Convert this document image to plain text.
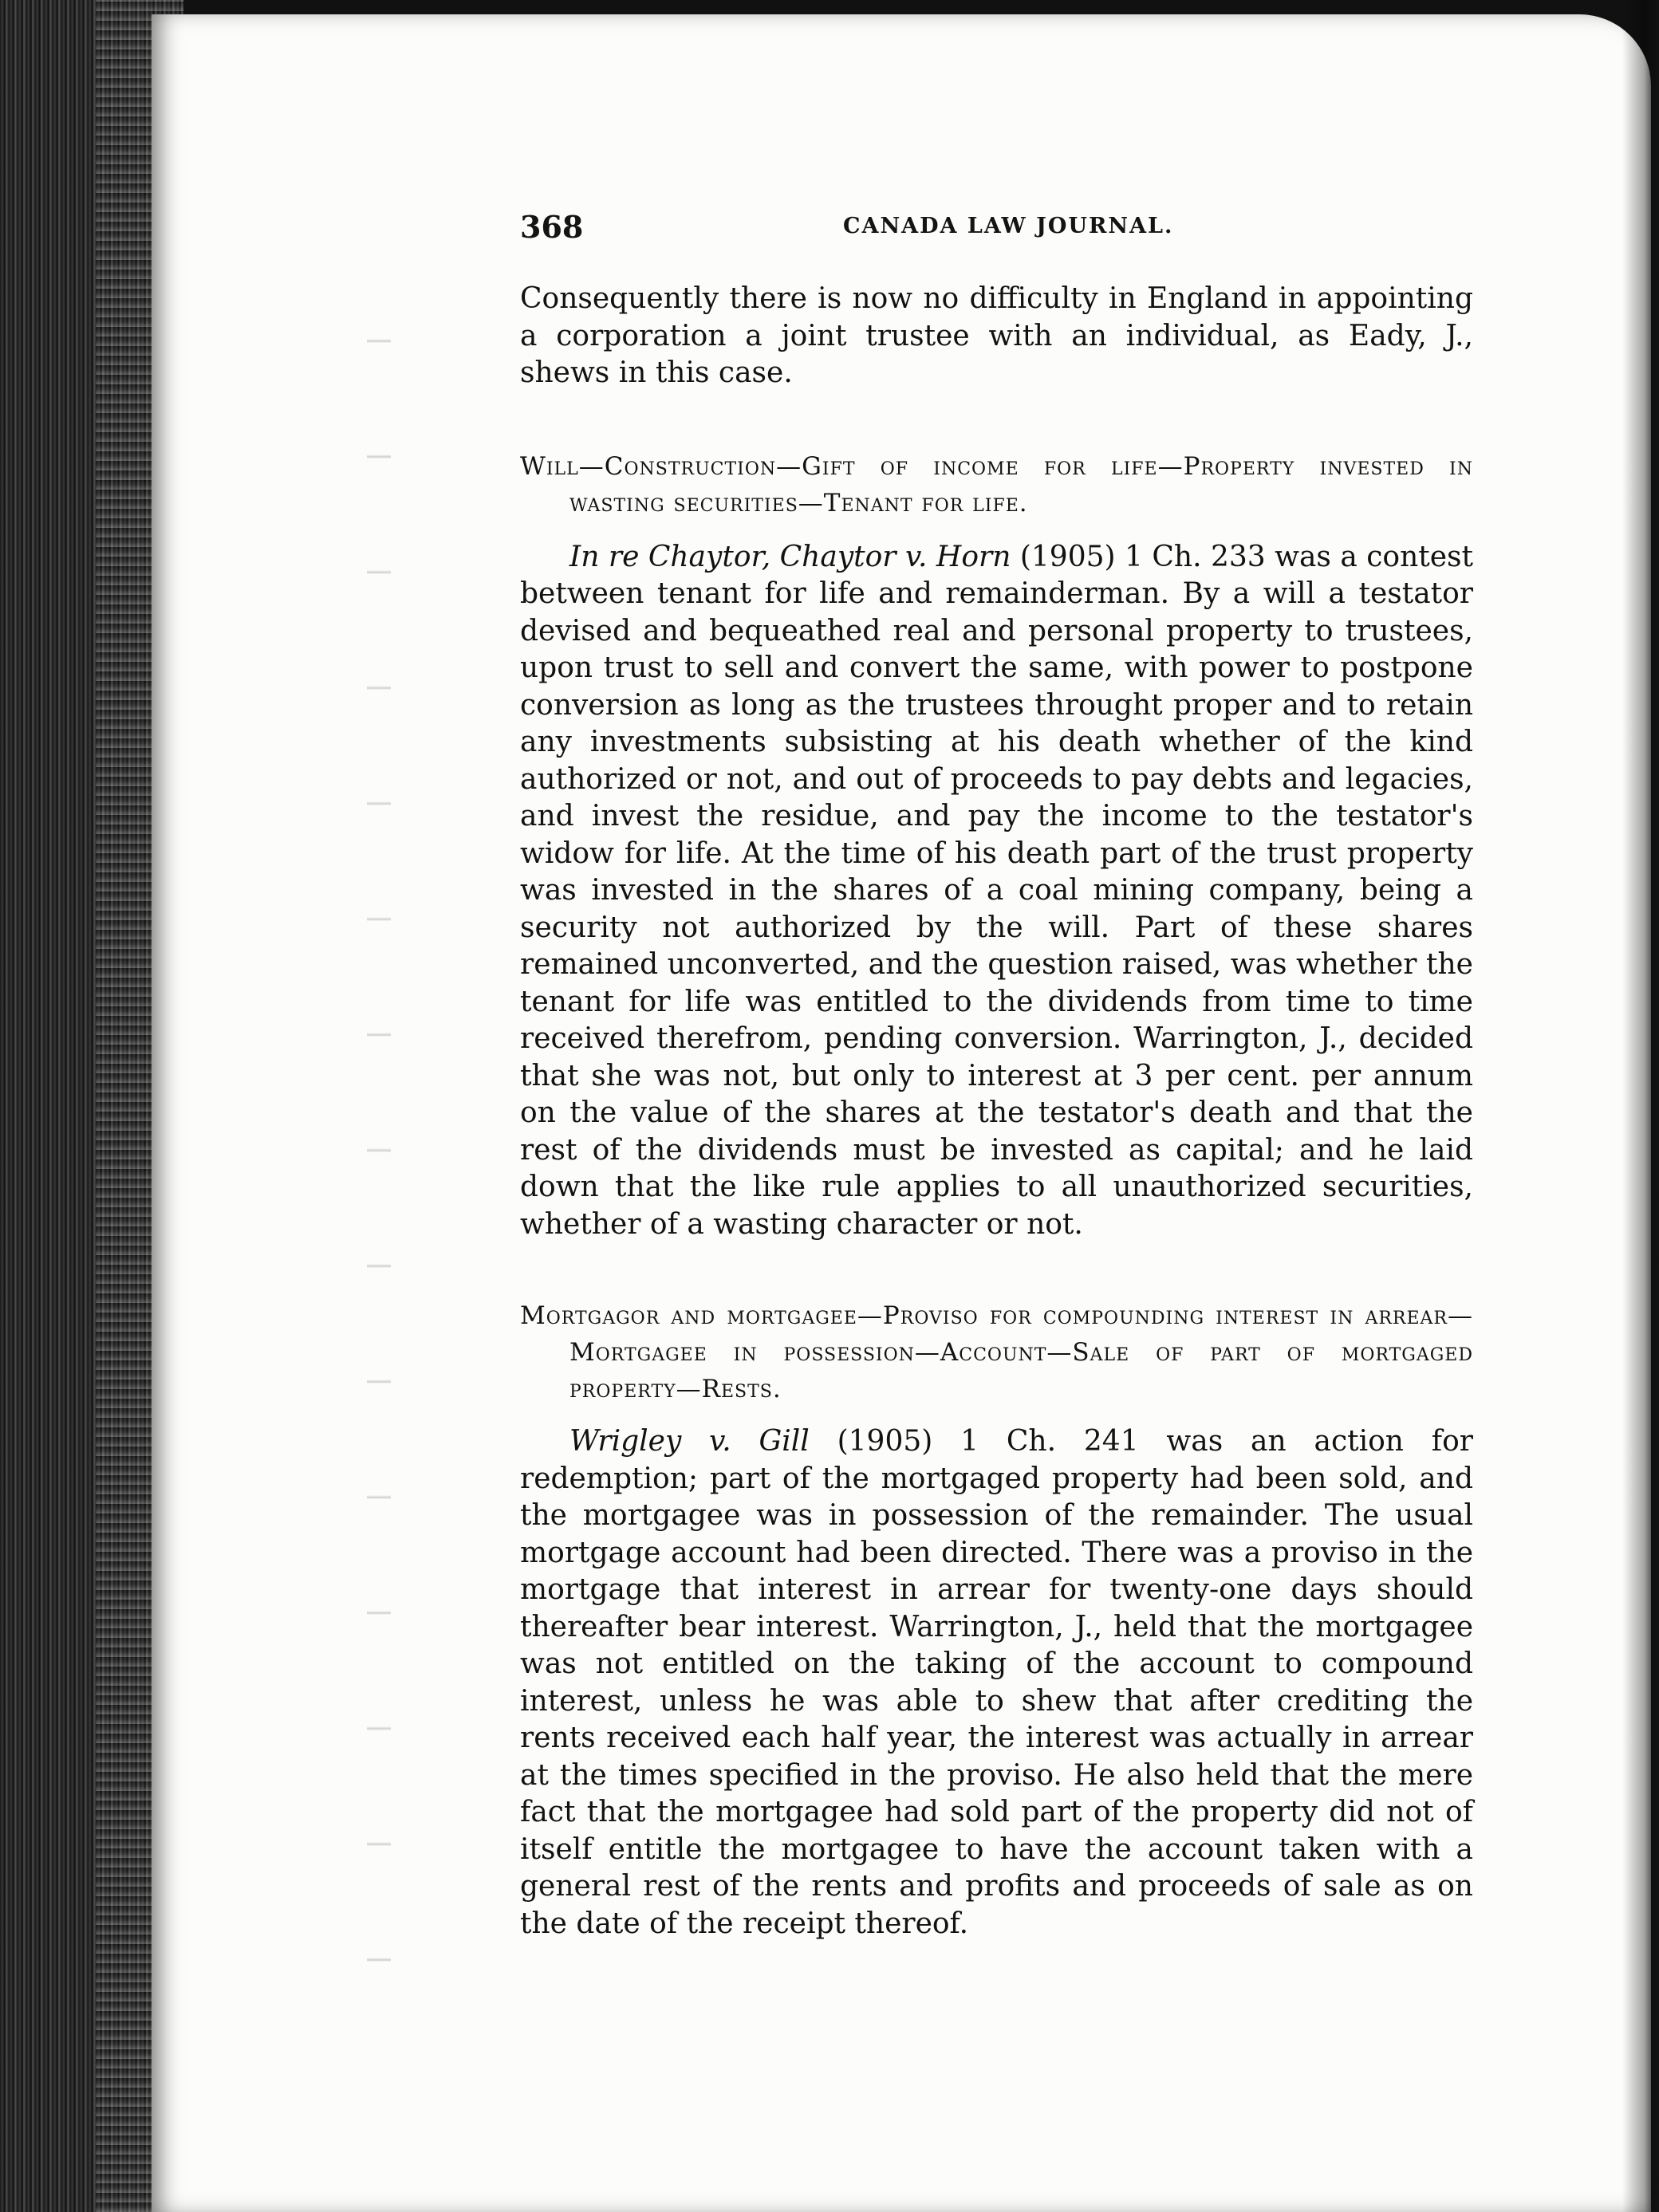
368	CANADA LAW JOURNAL.

Consequently there is now no difficulty in England in appointing a corporation a joint trustee with an individual, as Eady, J., shews in this case.

Will—Construction—Gift of income for life—Property invested in wasting securities—Tenant for life.

In re Chaytor, Chaytor v. Horn (1905) 1 Ch. 233 was a contest between tenant for life and remainderman. By a will a testator devised and bequeathed real and personal property to trustees, upon trust to sell and convert the same, with power to postpone conversion as long as the trustees throught proper and to retain any investments subsisting at his death whether of the kind authorized or not, and out of proceeds to pay debts and legacies, and invest the residue, and pay the income to the testator's widow for life. At the time of his death part of the trust property was invested in the shares of a coal mining company, being a security not authorized by the will. Part of these shares remained unconverted, and the question raised, was whether the tenant for life was entitled to the dividends from time to time received therefrom, pending conversion. Warrington, J., decided that she was not, but only to interest at 3 per cent. per annum on the value of the shares at the testator's death and that the rest of the dividends must be invested as capital; and he laid down that the like rule applies to all unauthorized securities, whether of a wasting character or not.

Mortgagor and mortgagee—Proviso for compounding interest in arrear—Mortgagee in possession—Account—Sale of part of mortgaged property—Rests.

Wrigley v. Gill (1905) 1 Ch. 241 was an action for redemption; part of the mortgaged property had been sold, and the mortgagee was in possession of the remainder. The usual mortgage account had been directed. There was a proviso in the mortgage that interest in arrear for twenty-one days should thereafter bear interest. Warrington, J., held that the mortgagee was not entitled on the taking of the account to compound interest, unless he was able to shew that after crediting the rents received each half year, the interest was actually in arrear at the times specified in the proviso. He also held that the mere fact that the mortgagee had sold part of the property did not of itself entitle the mortgagee to have the account taken with a general rest of the rents and profits and proceeds of sale as on the date of the receipt thereof.
